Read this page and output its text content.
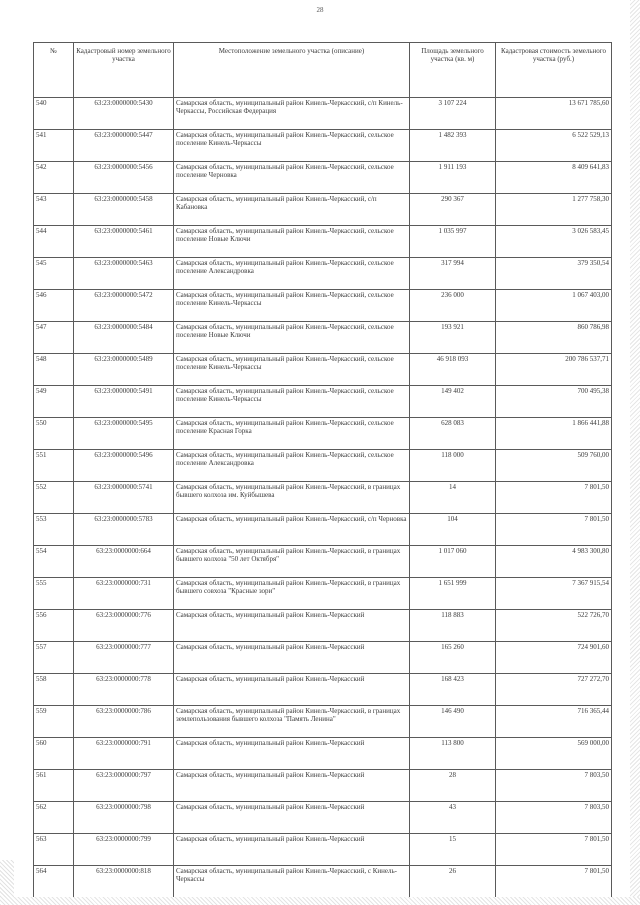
28
№	Кадастровый номер земельного участка	Местоположение земельного участка (описание)	Площадь земельного участка (кв. м)	Кадастровая стоимость земельного участка (руб.)
540	63:23:0000000:5430	Самарская область, муниципальный район Кинель-Черкасский, с/п Кинель-Черкассы, Российская Федерация	3 107 224	13 671 785,60
541	63:23:0000000:5447	Самарская область, муниципальный район Кинель-Черкасский, сельское поселение Кинель-Черкассы	1 482 393	6 522 529,13
542	63:23:0000000:5456	Самарская область, муниципальный район Кинель-Черкасский, сельское поселение Черновка	1 911 193	8 409 641,83
543	63:23:0000000:5458	Самарская область, муниципальный район Кинель-Черкасский, с/п Кабановка	290 367	1 277 758,30
544	63:23:0000000:5461	Самарская область, муниципальный район Кинель-Черкасский, сельское поселение Новые Ключи	1 035 997	3 026 583,45
545	63:23:0000000:5463	Самарская область, муниципальный район Кинель-Черкасский, сельское поселение Александровка	317 994	379 350,54
546	63:23:0000000:5472	Самарская область, муниципальный район Кинель-Черкасский, сельское поселение Кинель-Черкассы	236 000	1 067 403,00
547	63:23:0000000:5484	Самарская область, муниципальный район Кинель-Черкасский, сельское поселение Новые Ключи	193 921	860 786,98
548	63:23:0000000:5489	Самарская область, муниципальный район Кинель-Черкасский, сельское поселение Кинель-Черкассы	46 918 093	200 786 537,71
549	63:23:0000000:5491	Самарская область, муниципальный район Кинель-Черкасский, сельское поселение Кинель-Черкассы	149 402	700 495,38
550	63:23:0000000:5495	Самарская область, муниципальный район Кинель-Черкасский, сельское поселение Красная Горка	628 083	1 866 441,88
551	63:23:0000000:5496	Самарская область, муниципальный район Кинель-Черкасский, сельское поселение Александровка	118 000	509 760,00
552	63:23:0000000:5741	Самарская область, муниципальный район Кинель-Черкасский, в границах бывшего колхоза им. Куйбышева	14	7 801,50
553	63:23:0000000:5783	Самарская область, муниципальный район Кинель-Черкасский, с/п Черновка	104	7 801,50
554	63:23:0000000:664	Самарская область, муниципальный район Кинель-Черкасский, в границах бывшего колхоза "50 лет Октября"	1 017 060	4 983 300,80
555	63:23:0000000:731	Самарская область, муниципальный район Кинель-Черкасский, в границах бывшего совхоза "Красные зори"	1 651 999	7 367 915,54
556	63:23:0000000:776	Самарская область, муниципальный район Кинель-Черкасский	118 883	522 726,70
557	63:23:0000000:777	Самарская область, муниципальный район Кинель-Черкасский	165 260	724 901,60
558	63:23:0000000:778	Самарская область, муниципальный район Кинель-Черкасский	168 423	727 272,70
559	63:23:0000000:786	Самарская область, муниципальный район Кинель-Черкасский, в границах землепользования бывшего колхоза "Память Ленина"	146 490	716 365,44
560	63:23:0000000:791	Самарская область, муниципальный район Кинель-Черкасский	113 800	569 000,00
561	63:23:0000000:797	Самарская область, муниципальный район Кинель-Черкасский	28	7 803,50
562	63:23:0000000:798	Самарская область, муниципальный район Кинель-Черкасский	43	7 803,50
563	63:23:0000000:799	Самарская область, муниципальный район Кинель-Черкасский	15	7 801,50
564	63:23:0000000:818	Самарская область, муниципальный район Кинель-Черкасский, с Кинель-Черкассы	26	7 801,50
